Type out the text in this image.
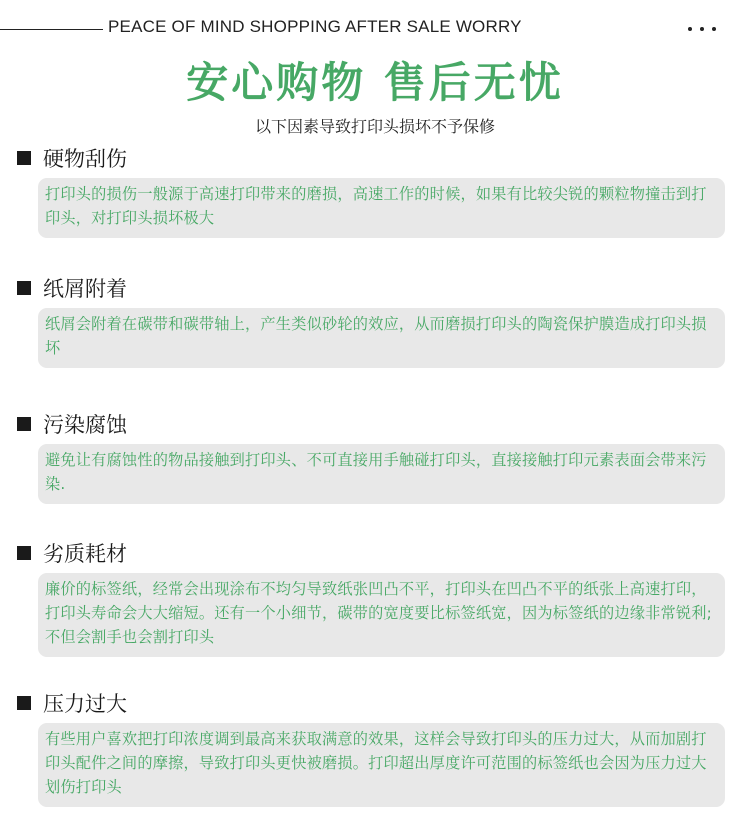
PEACE OF MIND SHOPPING AFTER SALE WORRY
安心购物 售后无忧
以下因素导致打印头损坏不予保修
硬物刮伤
打印头的损伤一般源于高速打印带来的磨损，高速工作的时候，如果有比较尖锐的颗粒物撞击到打印头，对打印头损坏极大
纸屑附着
纸屑会附着在碳带和碳带轴上，产生类似砂轮的效应，从而磨损打印头的陶瓷保护膜造成打印头损坏
污染腐蚀
避免让有腐蚀性的物品接触到打印头、不可直接用手触碰打印头，直接接触打印元素表面会带来污染.
劣质耗材
廉价的标签纸，经常会出现涂布不均匀导致纸张凹凸不平，打印头在凹凸不平的纸张上高速打印，打印头寿命会大大缩短。还有一个小细节，碳带的宽度要比标签纸宽，因为标签纸的边缘非常锐利;不但会割手也会割打印头
压力过大
有些用户喜欢把打印浓度调到最高来获取满意的效果，这样会导致打印头的压力过大，从而加剧打印头配件之间的摩擦，导致打印头更快被磨损。打印超出厚度许可范围的标签纸也会因为压力过大划伤打印头
